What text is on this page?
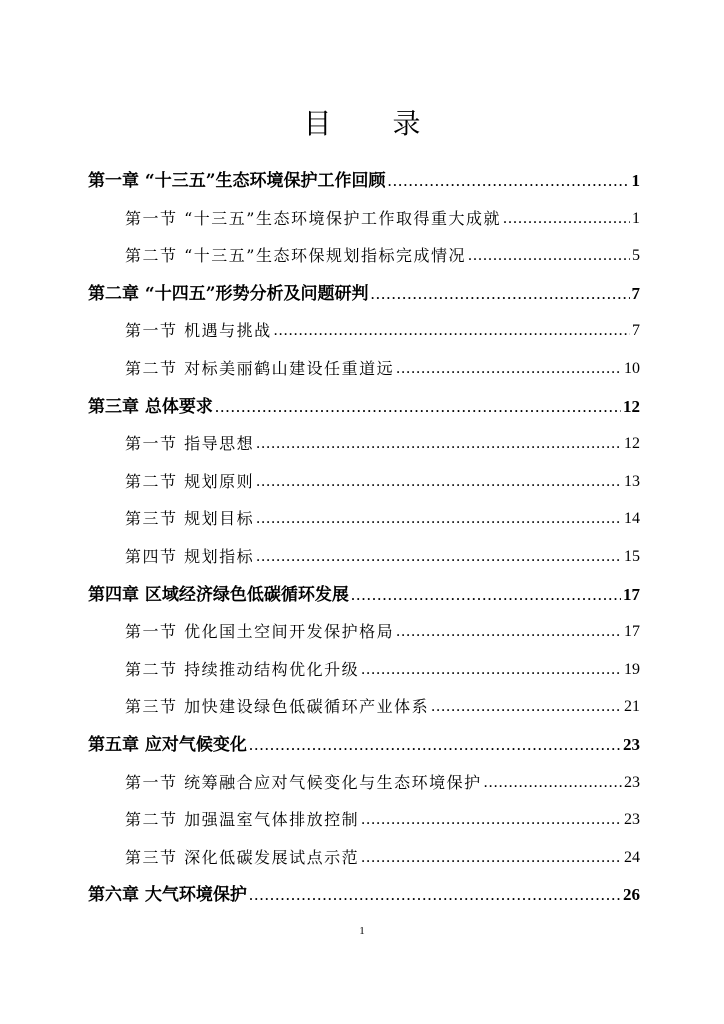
目 录
第一章 “十三五”生态环境保护工作回顾 .....	1
第一节 “十三五”生态环境保护工作取得重大成就 .....	1
第二节 “十三五”生态环保规划指标完成情况 .....	5
第二章 “十四五”形势分析及问题研判 .....	7
第一节 机遇与挑战 .....	7
第二节 对标美丽鹤山建设任重道远 .....	10
第三章 总体要求 .....	12
第一节 指导思想 .....	12
第二节 规划原则 .....	13
第三节 规划目标 .....	14
第四节 规划指标 .....	15
第四章 区域经济绿色低碳循环发展 .....	17
第一节 优化国土空间开发保护格局 .....	17
第二节 持续推动结构优化升级 .....	19
第三节 加快建设绿色低碳循环产业体系 .....	21
第五章 应对气候变化 .....	23
第一节 统筹融合应对气候变化与生态环境保护 .....	23
第二节 加强温室气体排放控制 .....	23
第三节 深化低碳发展试点示范 .....	24
第六章 大气环境保护 .....	26
1
